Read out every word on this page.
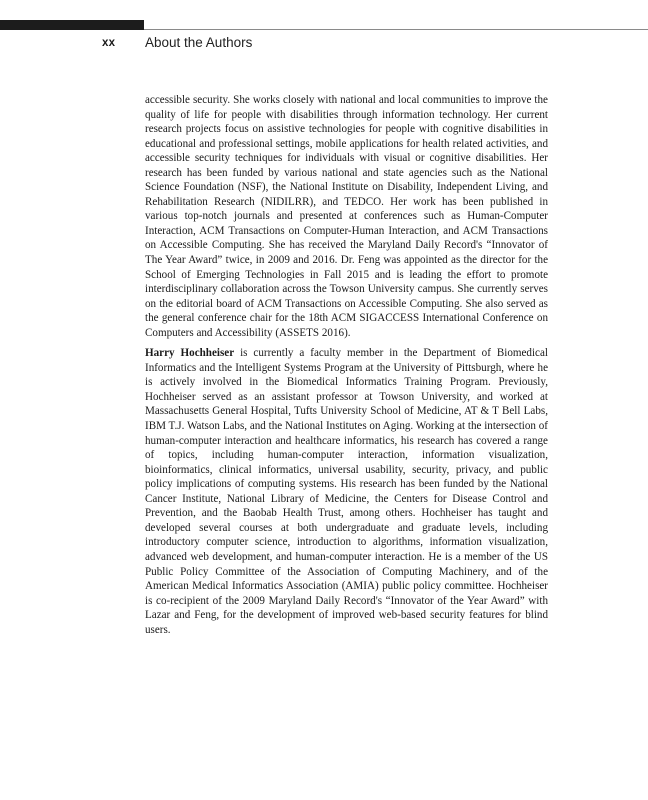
xx About the Authors

accessible security. She works closely with national and local communities to improve the quality of life for people with disabilities through information technology. Her current research projects focus on assistive technologies for people with cognitive disabilities in educational and professional settings, mobile applications for health related activities, and accessible security techniques for individuals with visual or cognitive disabilities. Her research has been funded by various national and state agencies such as the National Science Foundation (NSF), the National Institute on Disability, Independent Living, and Rehabilitation Research (NIDILRR), and TEDCO. Her work has been published in various top-notch journals and presented at conferences such as Human-Computer Interaction, ACM Transactions on Computer-Human Interaction, and ACM Transactions on Accessible Computing. She has received the Maryland Daily Record's “Innovator of The Year Award” twice, in 2009 and 2016. Dr. Feng was appointed as the director for the School of Emerging Technologies in Fall 2015 and is leading the effort to promote interdisciplinary collaboration across the Towson University campus. She currently serves on the editorial board of ACM Transactions on Accessible Computing. She also served as the general conference chair for the 18th ACM SIGACCESS International Conference on Computers and Accessibility (ASSETS 2016).

Harry Hochheiser is currently a faculty member in the Department of Biomedical Informatics and the Intelligent Systems Program at the University of Pittsburgh, where he is actively involved in the Biomedical Informatics Training Program. Previously, Hochheiser served as an assistant professor at Towson University, and worked at Massachusetts General Hospital, Tufts University School of Medicine, AT & T Bell Labs, IBM T.J. Watson Labs, and the National Institutes on Aging. Working at the intersection of human-computer interaction and healthcare informatics, his research has covered a range of topics, including human-computer interaction, information visualization, bioinformatics, clinical informatics, universal usability, security, privacy, and public policy implications of computing systems. His research has been funded by the National Cancer Institute, National Library of Medicine, the Centers for Disease Control and Prevention, and the Baobab Health Trust, among others. Hochheiser has taught and developed several courses at both undergraduate and graduate levels, including introductory computer science, introduction to algorithms, information visualization, advanced web development, and human-computer interaction. He is a member of the US Public Policy Committee of the Association of Computing Machinery, and of the American Medical Informatics Association (AMIA) public policy committee. Hochheiser is co-recipient of the 2009 Maryland Daily Record's “Innovator of the Year Award” with Lazar and Feng, for the development of improved web-based security features for blind users.
